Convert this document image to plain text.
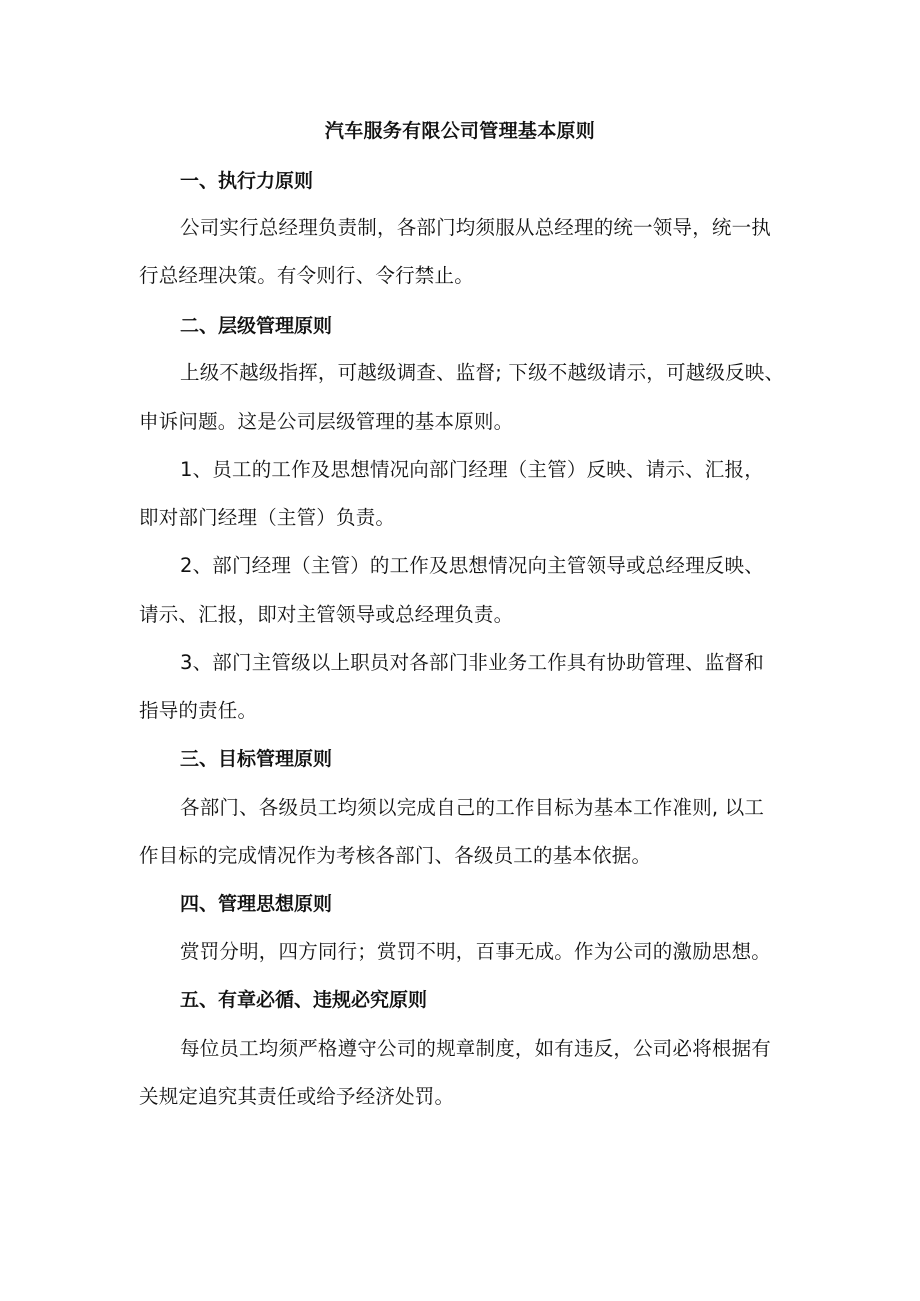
汽车服务有限公司管理基本原则
一、执行力原则
公司实行总经理负责制，各部门均须服从总经理的统一领导，统一执
行总经理决策。有令则行、令行禁止。
二、层级管理原则
上级不越级指挥，可越级调查、监督; 下级不越级请示，可越级反映、
申诉问题。这是公司层级管理的基本原则。
1、员工的工作及思想情况向部门经理（主管）反映、请示、汇报，
即对部门经理（主管）负责。
2、部门经理（主管）的工作及思想情况向主管领导或总经理反映、
请示、汇报，即对主管领导或总经理负责。
3、部门主管级以上职员对各部门非业务工作具有协助管理、监督和
指导的责任。
三、目标管理原则
各部门、各级员工均须以完成自己的工作目标为基本工作准则, 以工
作目标的完成情况作为考核各部门、各级员工的基本依据。
四、管理思想原则
赏罚分明，四方同行；赏罚不明，百事无成。作为公司的激励思想。
五、有章必循、违规必究原则
每位员工均须严格遵守公司的规章制度，如有违反，公司必将根据有
关规定追究其责任或给予经济处罚。
